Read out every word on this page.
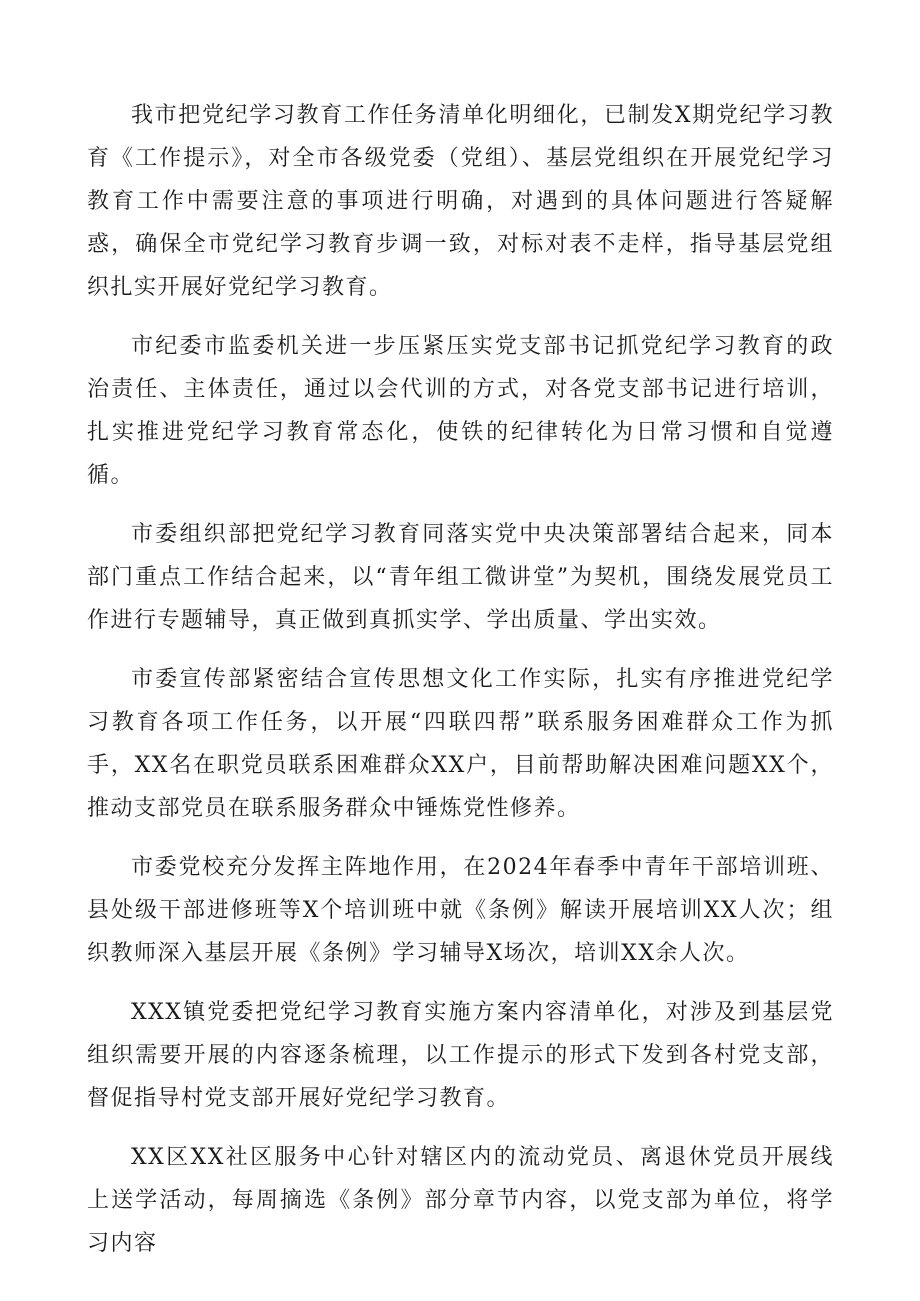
我市把党纪学习教育工作任务清单化明细化，已制发X期党纪学习教育《工作提示》，对全市各级党委（党组）、基层党组织在开展党纪学习教育工作中需要注意的事项进行明确，对遇到的具体问题进行答疑解惑，确保全市党纪学习教育步调一致，对标对表不走样，指导基层党组织扎实开展好党纪学习教育。

市纪委市监委机关进一步压紧压实党支部书记抓党纪学习教育的政治责任、主体责任，通过以会代训的方式，对各党支部书记进行培训，扎实推进党纪学习教育常态化，使铁的纪律转化为日常习惯和自觉遵循。

市委组织部把党纪学习教育同落实党中央决策部署结合起来，同本部门重点工作结合起来，以“青年组工微讲堂”为契机，围绕发展党员工作进行专题辅导，真正做到真抓实学、学出质量、学出实效。

市委宣传部紧密结合宣传思想文化工作实际，扎实有序推进党纪学习教育各项工作任务，以开展“四联四帮”联系服务困难群众工作为抓手，XX名在职党员联系困难群众XX户，目前帮助解决困难问题XX个，推动支部党员在联系服务群众中锤炼党性修养。

市委党校充分发挥主阵地作用，在2024年春季中青年干部培训班、县处级干部进修班等X个培训班中就《条例》解读开展培训XX人次；组织教师深入基层开展《条例》学习辅导X场次，培训XX余人次。

XXX镇党委把党纪学习教育实施方案内容清单化，对涉及到基层党组织需要开展的内容逐条梳理，以工作提示的形式下发到各村党支部，督促指导村党支部开展好党纪学习教育。

XX区XX社区服务中心针对辖区内的流动党员、离退休党员开展线上送学活动，每周摘选《条例》部分章节内容，以党支部为单位，将学习内容
